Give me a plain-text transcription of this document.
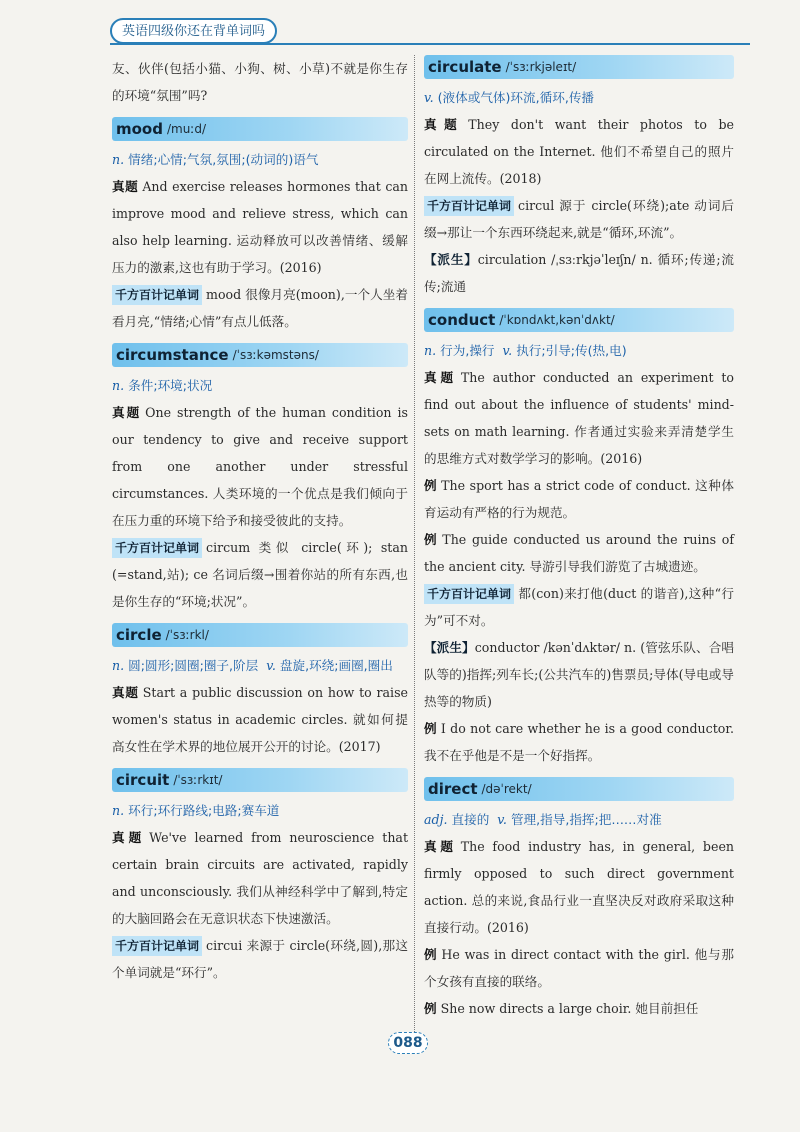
英语四级你还在背单词吗

友、伙伴(包括小猫、小狗、树、小草)不就是你生存的环境“氛围”吗?

mood /muːd/

n. 情绪;心情;气氛,氛围;(动词的)语气

真题 And exercise releases hormones that can improve mood and relieve stress, which can also help learning. 运动释放可以改善情绪、缓解压力的激素,这也有助于学习。(2016)

千方百计记单词 mood 很像月亮(moon),一个人坐着看月亮,“情绪;心情”有点儿低落。

circumstance /ˈsɜːkəmstəns/

n. 条件;环境;状况

真题 One strength of the human condition is our tendency to give and receive support from one another under stressful circumstances. 人类环境的一个优点是我们倾向于在压力重的环境下给予和接受彼此的支持。

千方百计记单词 circum 类似 circle(环); stan (=stand,站); ce 名词后缀→围着你站的所有东西,也是你生存的“环境;状况”。

circle /ˈsɜːrkl/

n. 圆;圆形;圆圈;圈子,阶层 v. 盘旋,环绕;画圈,圈出

真题 Start a public discussion on how to raise women's status in academic circles. 就如何提高女性在学术界的地位展开公开的讨论。(2017)

circuit /ˈsɜːrkɪt/

n. 环行;环行路线;电路;赛车道

真题 We've learned from neuroscience that certain brain circuits are activated, rapidly and unconsciously. 我们从神经科学中了解到,特定的大脑回路会在无意识状态下快速激活。

千方百计记单词 circui 来源于 circle(环绕,圆),那这个单词就是“环行”。

circulate /ˈsɜːrkjəleɪt/

v. (液体或气体)环流,循环,传播

真题 They don't want their photos to be circulated on the Internet. 他们不希望自己的照片在网上流传。(2018)

千方百计记单词 circul 源于 circle(环绕);ate 动词后缀→那让一个东西环绕起来,就是“循环,环流”。

【派生】circulation /ˌsɜːrkjəˈleɪʃn/ n. 循环;传递;流传;流通

conduct /ˈkɒndʌkt,kənˈdʌkt/

n. 行为,操行 v. 执行;引导;传(热,电)

真题 The author conducted an experiment to find out about the influence of students' mind-sets on math learning. 作者通过实验来弄清楚学生的思维方式对数学学习的影响。(2016)

例 The sport has a strict code of conduct. 这种体育运动有严格的行为规范。

例 The guide conducted us around the ruins of the ancient city. 导游引导我们游览了古城遗迹。

千方百计记单词 都(con)来打他(duct 的谐音),这种“行为”可不对。

【派生】conductor /kənˈdʌktər/ n. (管弦乐队、合唱队等的)指挥;列车长;(公共汽车的)售票员;导体(导电或导热等的物质)

例 I do not care whether he is a good conductor. 我不在乎他是不是一个好指挥。

direct /dəˈrekt/

adj. 直接的 v. 管理,指导,指挥;把……对准

真题 The food industry has, in general, been firmly opposed to such direct government action. 总的来说,食品行业一直坚决反对政府采取这种直接行动。(2016)

例 He was in direct contact with the girl. 他与那个女孩有直接的联络。

例 She now directs a large choir. 她目前担任

088
